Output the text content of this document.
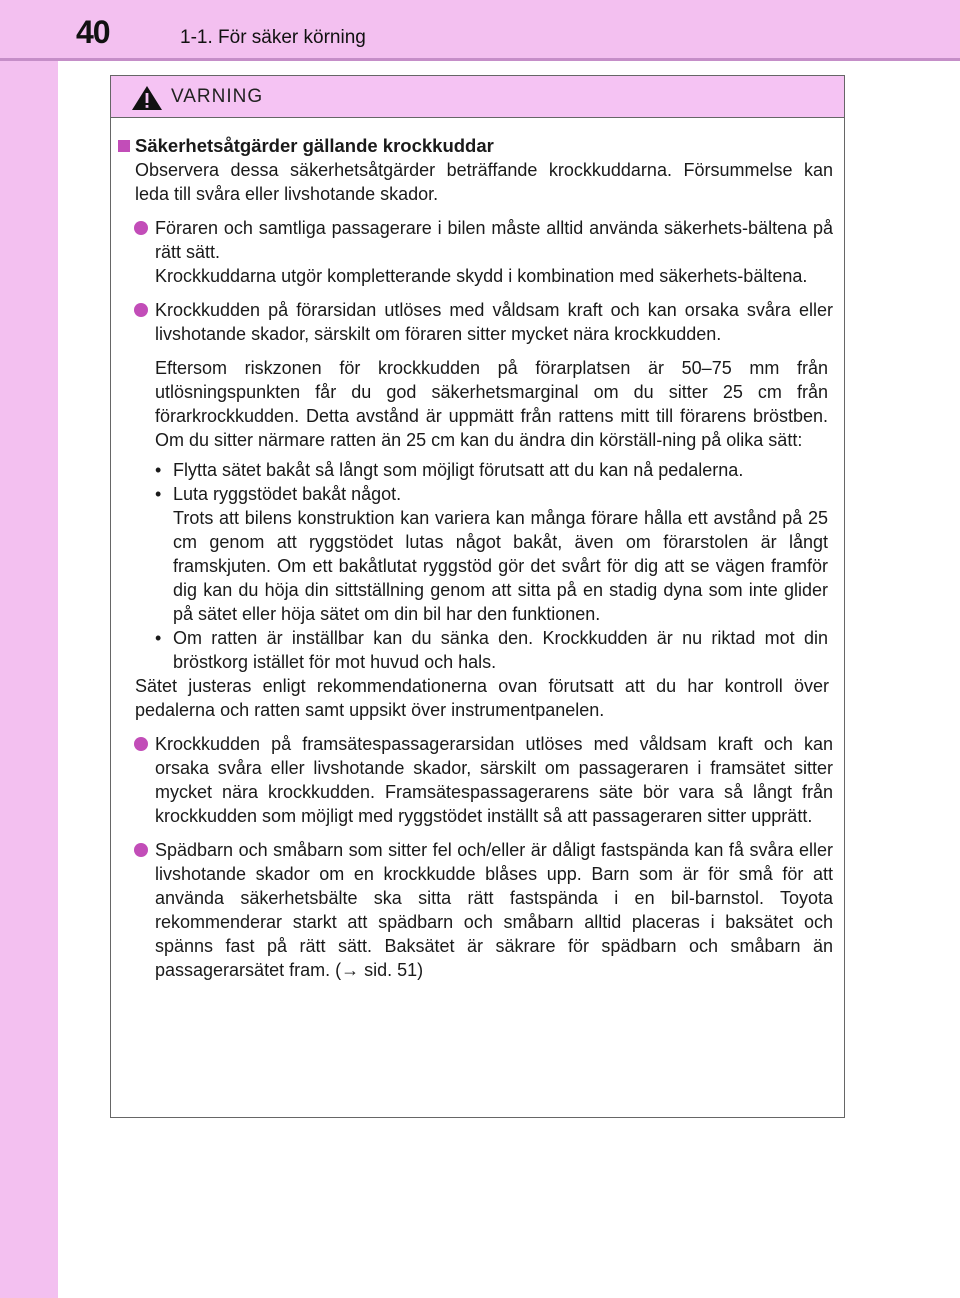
40	1-1. För säker körning
VARNING
Säkerhetsåtgärder gällande krockkuddar
Observera dessa säkerhetsåtgärder beträffande krockkuddarna. Försummelse kan leda till svåra eller livshotande skador.
Föraren och samtliga passagerare i bilen måste alltid använda säkerhets-bältena på rätt sätt.
Krockkuddarna utgör kompletterande skydd i kombination med säkerhets-bältena.
Krockkudden på förarsidan utlöses med våldsam kraft och kan orsaka svåra eller livshotande skador, särskilt om föraren sitter mycket nära krockkudden.
Eftersom riskzonen för krockkudden på förarplatsen är 50–75 mm från utlösningspunkten får du god säkerhetsmarginal om du sitter 25 cm från förarkrockkudden. Detta avstånd är uppmätt från rattens mitt till förarens bröstben. Om du sitter närmare ratten än 25 cm kan du ändra din körställ-ning på olika sätt:
• Flytta sätet bakåt så långt som möjligt förutsatt att du kan nå pedalerna.
• Luta ryggstödet bakåt något.
Trots att bilens konstruktion kan variera kan många förare hålla ett avstånd på 25 cm genom att ryggstödet lutas något bakåt, även om förarstolen är långt framskjuten. Om ett bakåtlutat ryggstöd gör det svårt för dig att se vägen framför dig kan du höja din sittställning genom att sitta på en stadig dyna som inte glider på sätet eller höja sätet om din bil har den funktionen.
• Om ratten är inställbar kan du sänka den. Krockkudden är nu riktad mot din bröstkorg istället för mot huvud och hals.
Sätet justeras enligt rekommendationerna ovan förutsatt att du har kontroll över pedalerna och ratten samt uppsikt över instrumentpanelen.
Krockkudden på framsätespassagerarsidan utlöses med våldsam kraft och kan orsaka svåra eller livshotande skador, särskilt om passageraren i framsätet sitter mycket nära krockkudden. Framsätespassagerarens säte bör vara så långt från krockkudden som möjligt med ryggstödet inställt så att passageraren sitter upprätt.
Spädbarn och småbarn som sitter fel och/eller är dåligt fastspända kan få svåra eller livshotande skador om en krockkudde blåses upp. Barn som är för små för att använda säkerhetsbälte ska sitta rätt fastspända i en bil-barnstol. Toyota rekommenderar starkt att spädbarn och småbarn alltid placeras i baksätet och spänns fast på rätt sätt. Baksätet är säkrare för spädbarn och småbarn än passagerarsätet fram. (→ sid. 51)
